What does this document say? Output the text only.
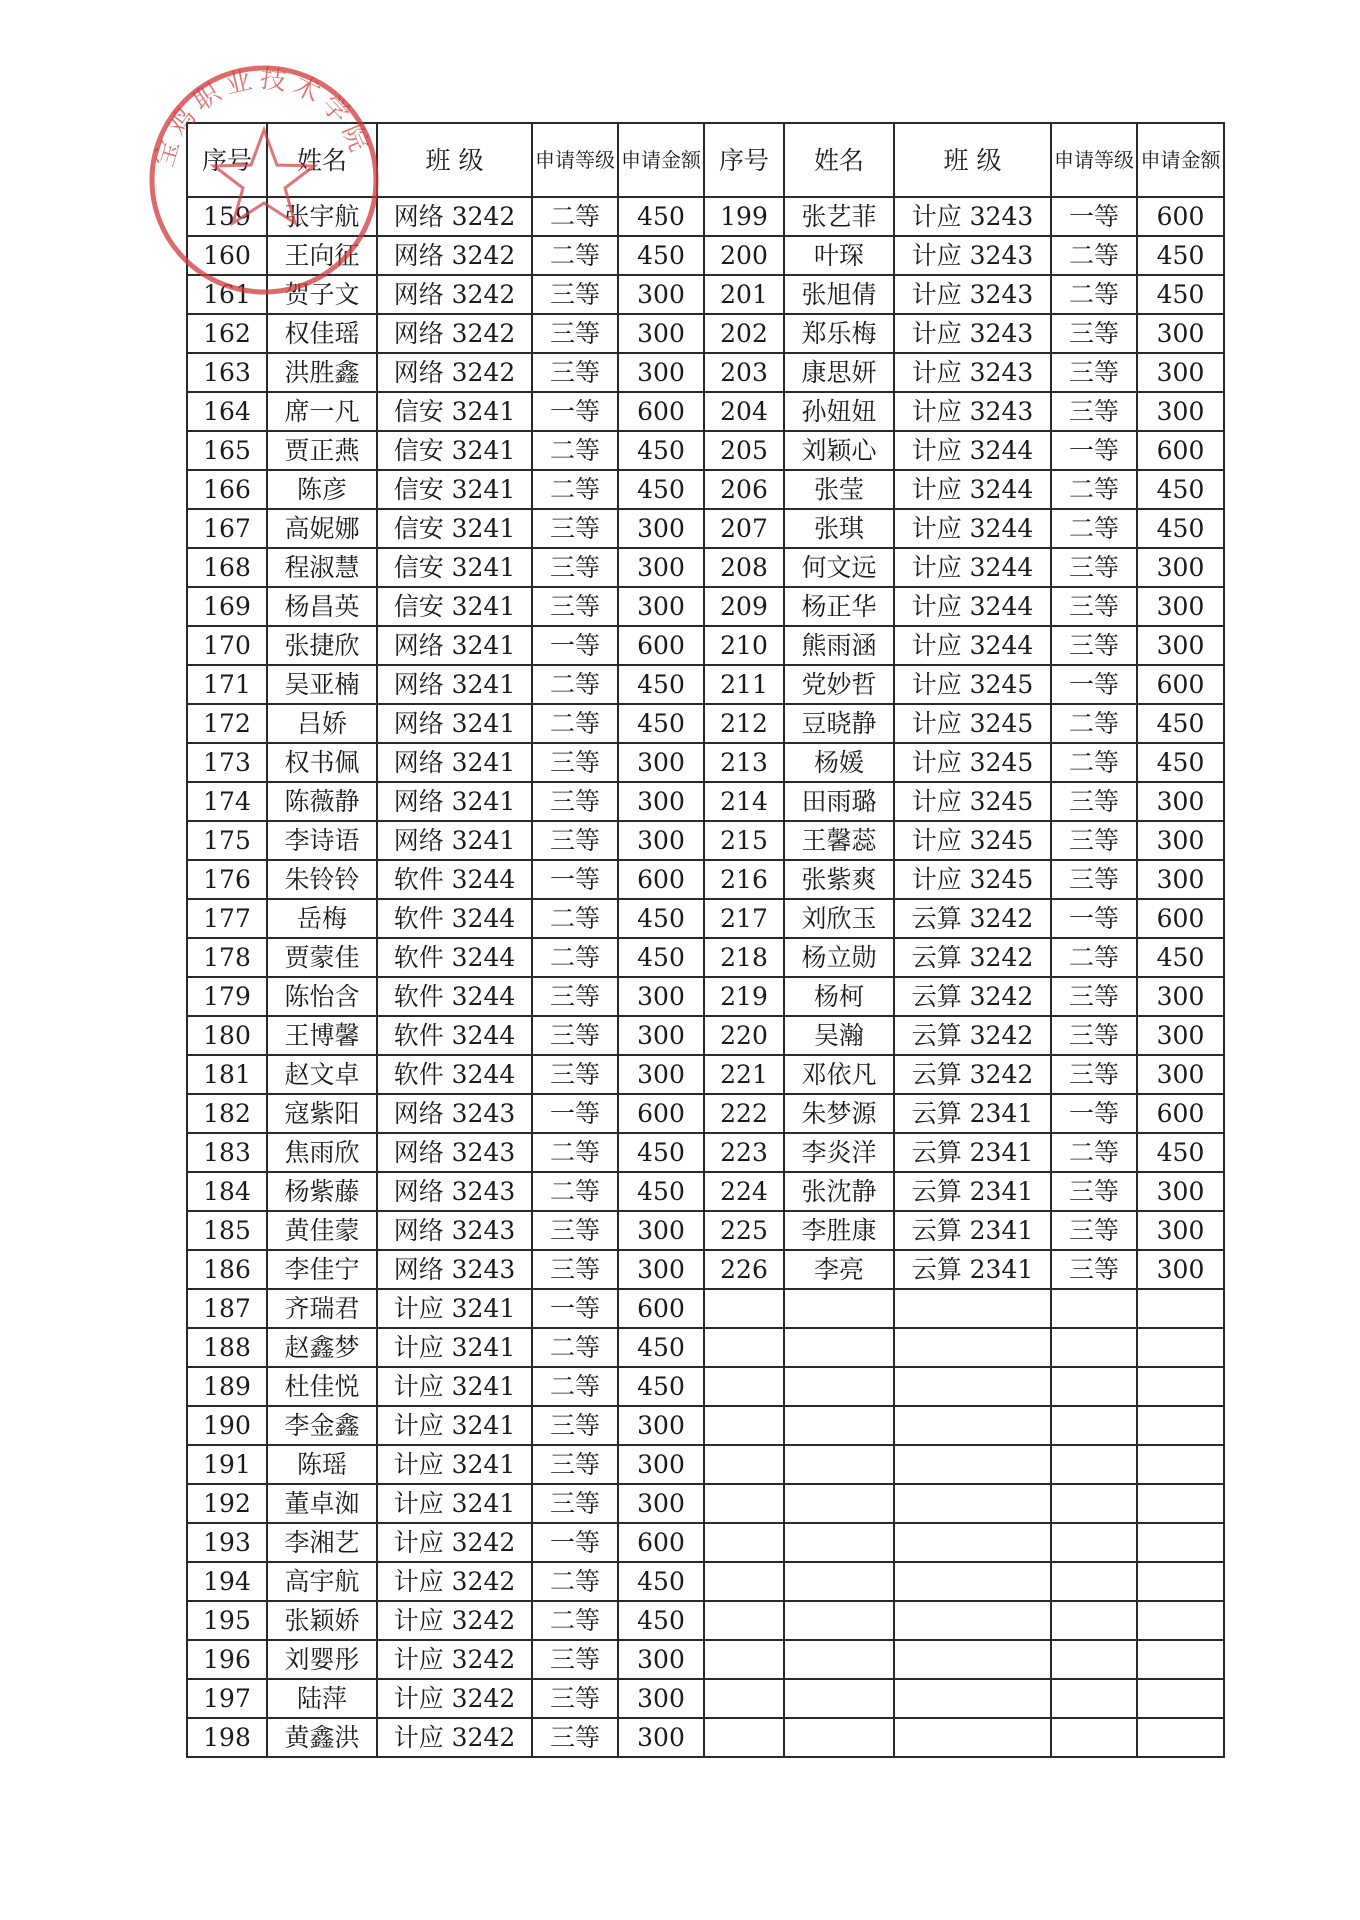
序号	姓名	班 级	申请等级	申请金额	序号	姓名	班 级	申请等级	申请金额
159	张宇航	网络 3242	二等	450	199	张艺菲	计应 3243	一等	600
160	王向征	网络 3242	二等	450	200	叶琛	计应 3243	二等	450
161	贺子文	网络 3242	三等	300	201	张旭倩	计应 3243	二等	450
162	权佳瑶	网络 3242	三等	300	202	郑乐梅	计应 3243	三等	300
163	洪胜鑫	网络 3242	三等	300	203	康思妍	计应 3243	三等	300
164	席一凡	信安 3241	一等	600	204	孙妞妞	计应 3243	三等	300
165	贾正燕	信安 3241	二等	450	205	刘颖心	计应 3244	一等	600
166	陈彦	信安 3241	二等	450	206	张莹	计应 3244	二等	450
167	高妮娜	信安 3241	三等	300	207	张琪	计应 3244	二等	450
168	程淑慧	信安 3241	三等	300	208	何文远	计应 3244	三等	300
169	杨昌英	信安 3241	三等	300	209	杨正华	计应 3244	三等	300
170	张捷欣	网络 3241	一等	600	210	熊雨涵	计应 3244	三等	300
171	吴亚楠	网络 3241	二等	450	211	党妙哲	计应 3245	一等	600
172	吕娇	网络 3241	二等	450	212	豆晓静	计应 3245	二等	450
173	权书佩	网络 3241	三等	300	213	杨媛	计应 3245	二等	450
174	陈薇静	网络 3241	三等	300	214	田雨璐	计应 3245	三等	300
175	李诗语	网络 3241	三等	300	215	王馨蕊	计应 3245	三等	300
176	朱铃铃	软件 3244	一等	600	216	张紫爽	计应 3245	三等	300
177	岳梅	软件 3244	二等	450	217	刘欣玉	云算 3242	一等	600
178	贾蒙佳	软件 3244	二等	450	218	杨立勋	云算 3242	二等	450
179	陈怡含	软件 3244	三等	300	219	杨柯	云算 3242	三等	300
180	王博馨	软件 3244	三等	300	220	吴瀚	云算 3242	三等	300
181	赵文卓	软件 3244	三等	300	221	邓依凡	云算 3242	三等	300
182	寇紫阳	网络 3243	一等	600	222	朱梦源	云算 2341	一等	600
183	焦雨欣	网络 3243	二等	450	223	李炎洋	云算 2341	二等	450
184	杨紫藤	网络 3243	二等	450	224	张沈静	云算 2341	三等	300
185	黄佳蒙	网络 3243	三等	300	225	李胜康	云算 2341	三等	300
186	李佳宁	网络 3243	三等	300	226	李亮	云算 2341	三等	300
187	齐瑞君	计应 3241	一等	600					
188	赵鑫梦	计应 3241	二等	450					
189	杜佳悦	计应 3241	二等	450					
190	李金鑫	计应 3241	三等	300					
191	陈瑶	计应 3241	三等	300					
192	董卓洳	计应 3241	三等	300					
193	李湘艺	计应 3242	一等	600					
194	高宇航	计应 3242	二等	450					
195	张颖娇	计应 3242	二等	450					
196	刘婴彤	计应 3242	三等	300					
197	陆萍	计应 3242	三等	300					
198	黄鑫洪	计应 3242	三等	300					
宝鸡职业技术学院
